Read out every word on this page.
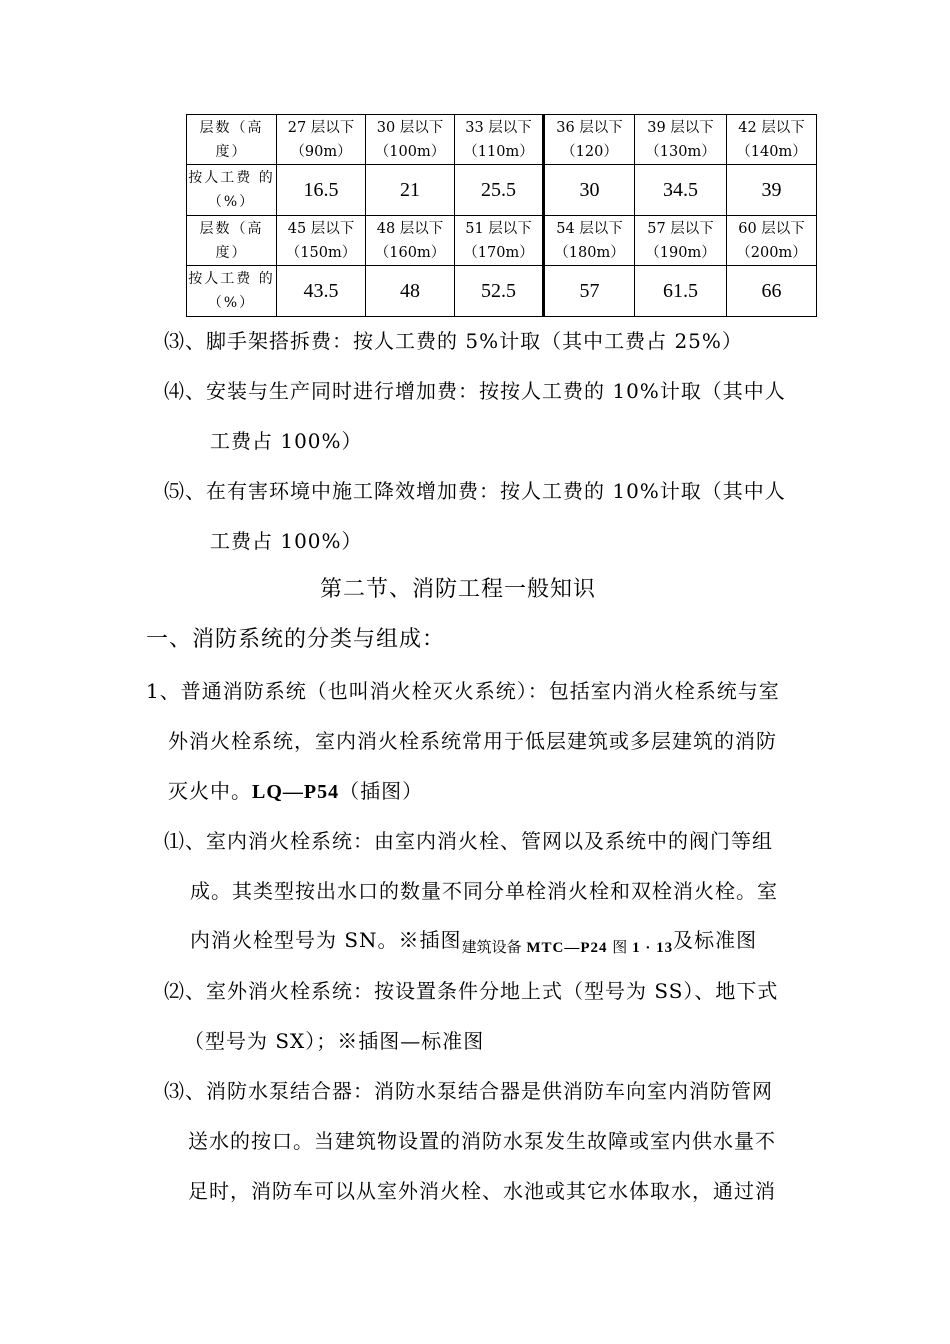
层数（高 度）	27 层以下（90m）	30 层以下（100m）	33 层以下（110m）	36 层以下（120）	39 层以下（130m）	42 层以下（140m）
按人工费 的（%）	16.5	21	25.5	30	34.5	39
层数（高 度）	45 层以下（150m）	48 层以下（160m）	51 层以下（170m）	54 层以下（180m）	57 层以下（190m）	60 层以下（200m）
按人工费 的（%）	43.5	48	52.5	57	61.5	66
⑶、脚手架搭拆费：按人工费的 5%计取（其中工费占 25%）
⑷、安装与生产同时进行增加费：按按人工费的 10%计取（其中人
工费占 100%）
⑸、在有害环境中施工降效增加费：按人工费的 10%计取（其中人
工费占 100%）
第二节、消防工程一般知识
一、消防系统的分类与组成：
1、普通消防系统（也叫消火栓灭火系统）：包括室内消火栓系统与室
外消火栓系统，室内消火栓系统常用于低层建筑或多层建筑的消防
灭火中。LQ—P54（插图）
⑴、室内消火栓系统：由室内消火栓、管网以及系统中的阀门等组
成。其类型按出水口的数量不同分单栓消火栓和双栓消火栓。室
内消火栓型号为 SN。※插图$_{建筑设备}$ $_{MTC—P24}$ $_图$ $_{1 \cdot 13}$及标准图
⑵、室外消火栓系统：按设置条件分地上式（型号为 SS）、地下式
（型号为 SX）；※插图—标准图
⑶、消防水泵结合器：消防水泵结合器是供消防车向室内消防管网
送水的按口。当建筑物设置的消防水泵发生故障或室内供水量不
足时，消防车可以从室外消火栓、水池或其它水体取水，通过消
